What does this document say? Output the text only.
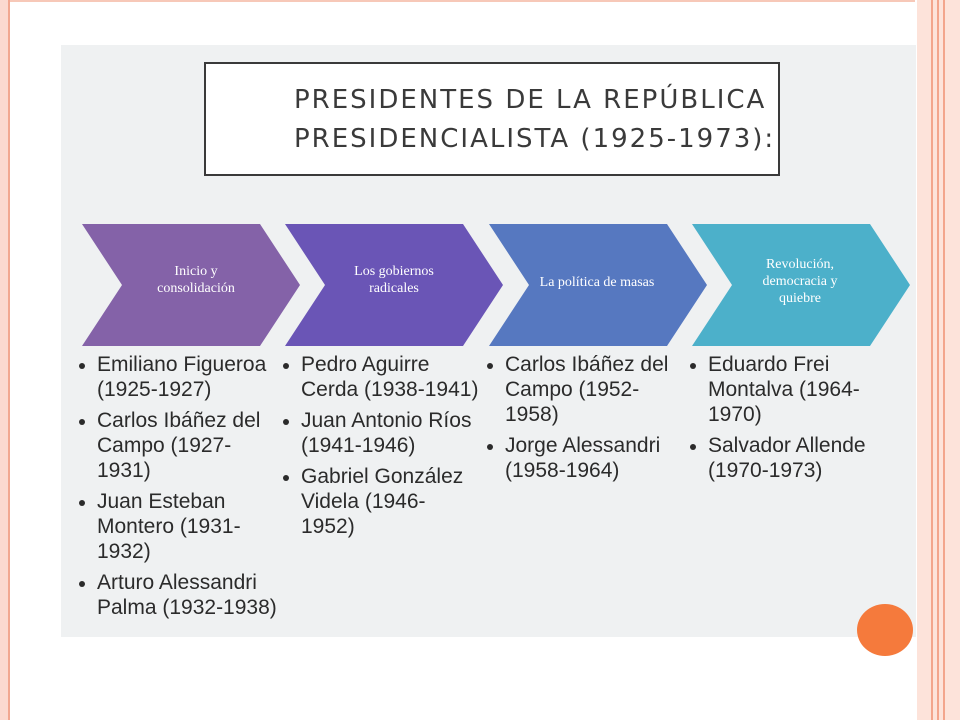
PRESIDENTES DE LA REPÚBLICA
PRESIDENCIALISTA (1925-1973):
Inicio y
consolidación
Los gobiernos
radicales	La política de masas
Revolución,
democracia y
quiebre
Emiliano Figueroa
(1925-1927)
Carlos Ibáñez del
Campo (1927-
1931)
Juan Esteban
Montero (1931-
1932)
Arturo Alessandri
Palma (1932-1938)
Pedro Aguirre
Cerda (1938-1941)
Juan Antonio Ríos
(1941-1946)
Gabriel González
Videla (1946-
1952)
Carlos Ibáñez del
Campo (1952-
1958)
Jorge Alessandri
(1958-1964)
Eduardo Frei
Montalva (1964-
1970)
Salvador Allende
(1970-1973)
